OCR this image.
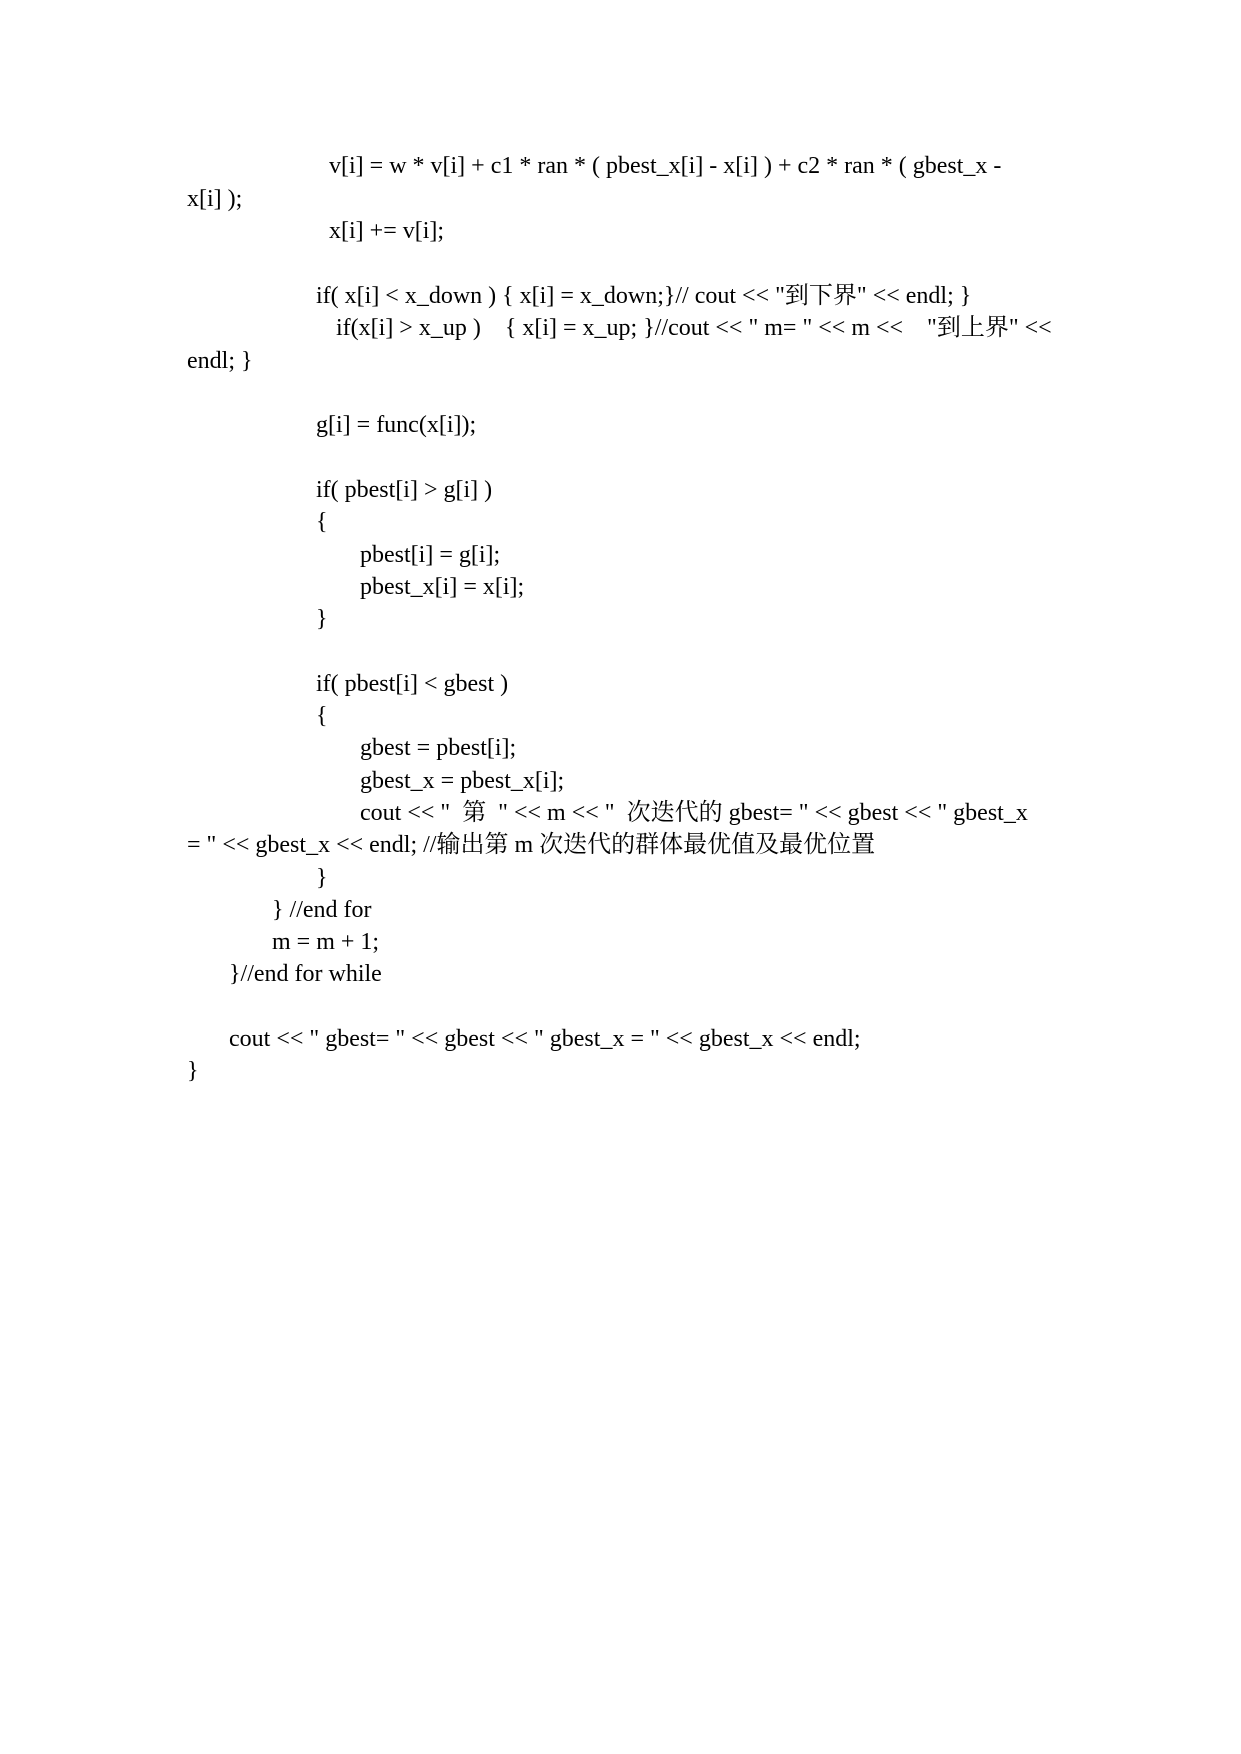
v[i] = w * v[i] + c1 * ran * ( pbest_x[i] - x[i] ) + c2 * ran * ( gbest_x -

x[i] );

x[i] += v[i];

if( x[i] < x_down ) { x[i] = x_down;}// cout << "到下界" << endl; }

if(x[i] > x_up )    { x[i] = x_up; }//cout << " m= " << m <<    "到上界" <<

endl; }

g[i] = func(x[i]);

if( pbest[i] > g[i] )

{

pbest[i] = g[i];

pbest_x[i] = x[i];

}

if( pbest[i] < gbest )

{

gbest = pbest[i];

gbest_x = pbest_x[i];

cout << "  第  " << m << "  次迭代的 gbest= " << gbest << " gbest_x

= " << gbest_x << endl; //输出第 m 次迭代的群体最优值及最优位置

}

} //end for

m = m + 1;

}//end for while

cout << " gbest= " << gbest << " gbest_x = " << gbest_x << endl;

}
